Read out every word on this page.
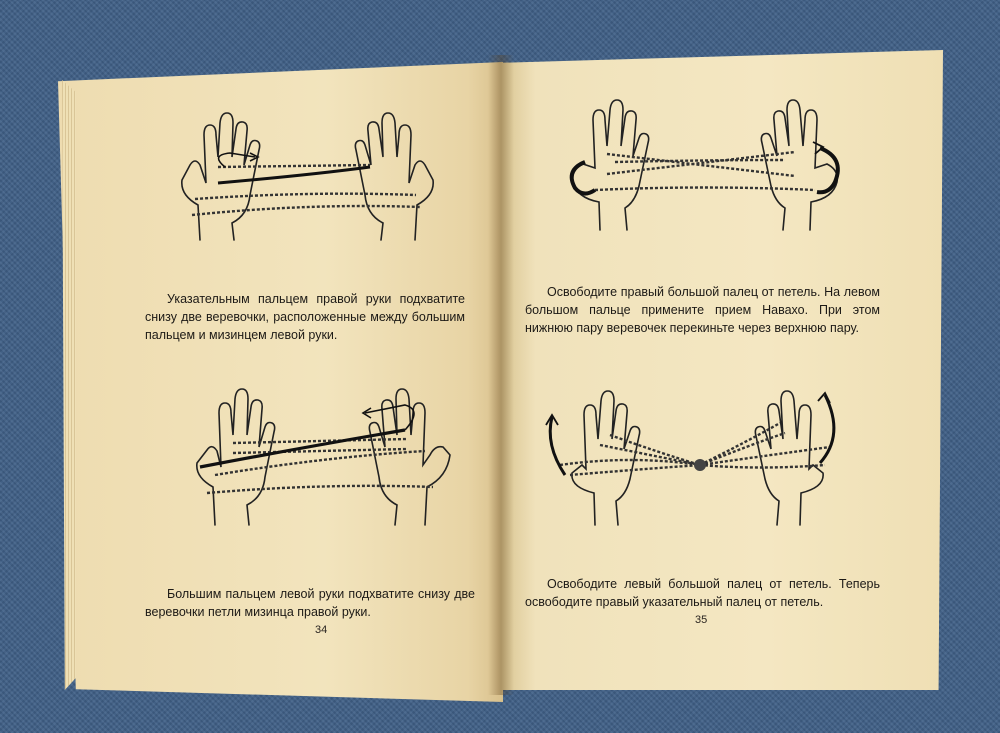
Указательным пальцем правой руки подхватите снизу две веревочки, расположенные между большим пальцем и мизинцем левой руки.

Большим пальцем левой руки подхватите снизу две веревочки петли мизинца правой руки.

34

Освободите правый большой палец от петель. На левом большом пальце примените прием Навахо. При этом нижнюю пару веревочек перекиньте через верхнюю пару.

Освободите левый большой палец от петель. Теперь освободите правый указательный палец от петель.

35
